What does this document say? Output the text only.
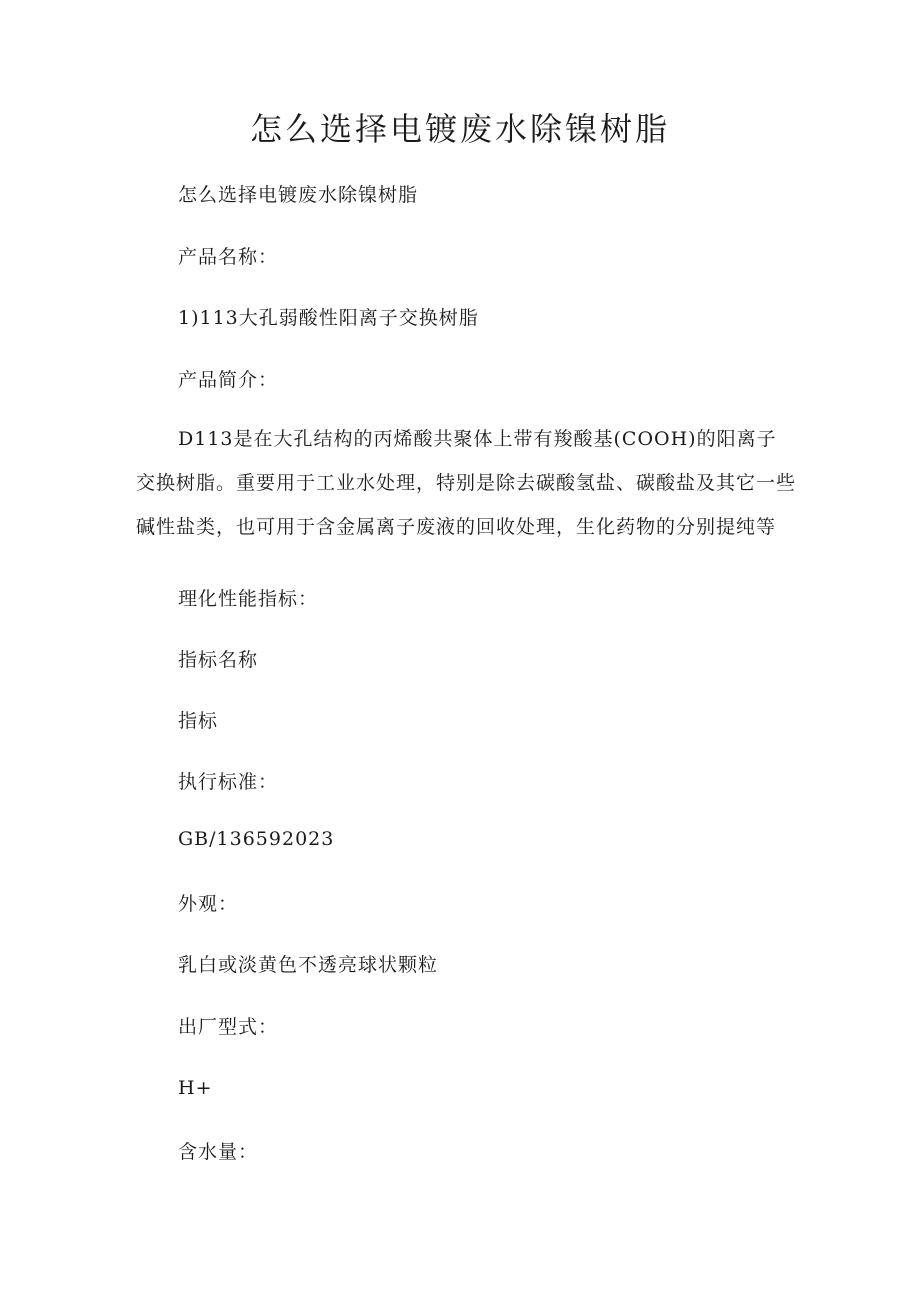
怎么选择电镀废水除镍树脂

怎么选择电镀废水除镍树脂

产品名称：

1)113大孔弱酸性阳离子交换树脂

产品简介：

D113是在大孔结构的丙烯酸共聚体上带有羧酸基(COOH)的阳离子交换树脂。重要用于工业水处理，特别是除去碳酸氢盐、碳酸盐及其它一些碱性盐类，也可用于含金属离子废液的回收处理，生化药物的分别提纯等

理化性能指标：

指标名称

指标

执行标准：

GB/136592023

外观：

乳白或淡黄色不透亮球状颗粒

出厂型式：

H+

含水量：
